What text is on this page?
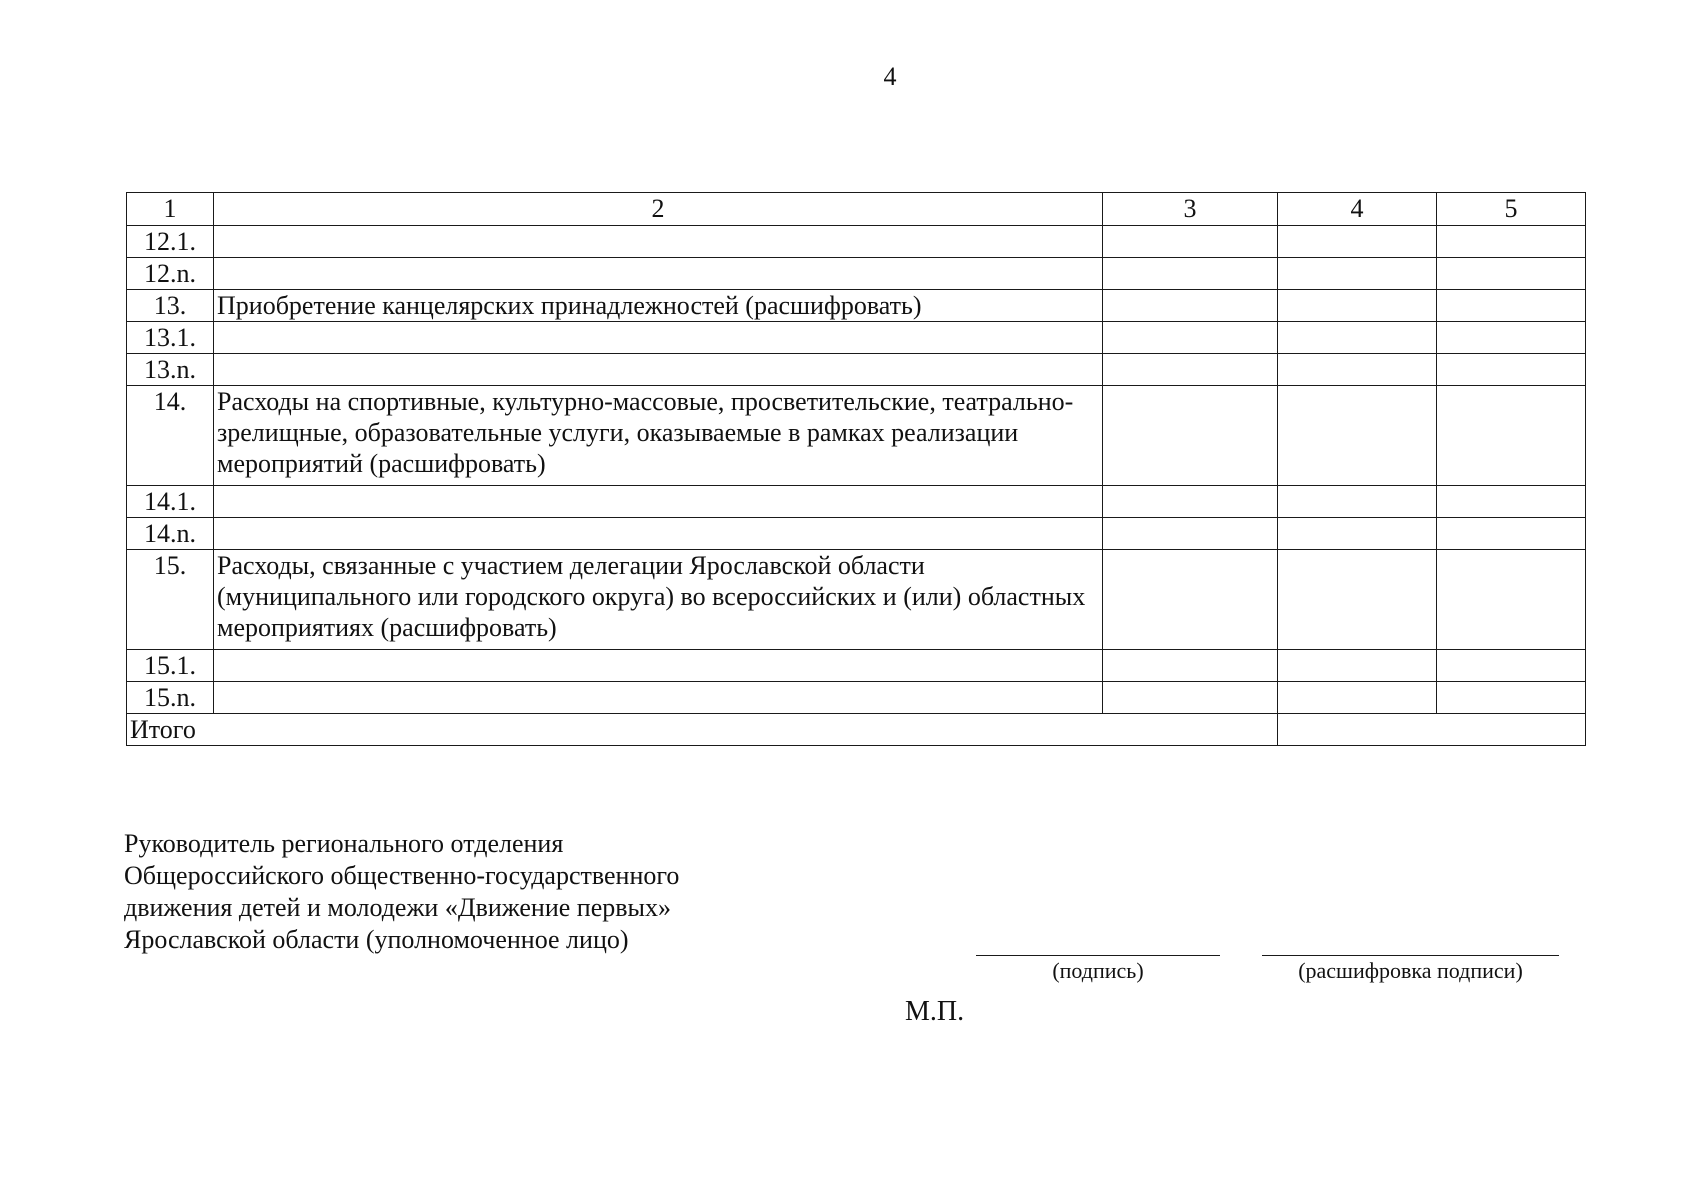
4
1	2	3	4	5
12.1.				
12.n.				
13.	Приобретение канцелярских принадлежностей (расшифровать)			
13.1.				
13.n.				
14.	Расходы на спортивные, культурно-массовые, просветительские, театрально-зрелищные, образовательные услуги, оказываемые в рамках реализации мероприятий (расшифровать)			
14.1.				
14.n.				
15.	Расходы, связанные с участием делегации Ярославской области (муниципального или городского округа) во всероссийских и (или) областных мероприятиях (расшифровать)			
15.1.				
15.n.				
Итого				
Руководитель регионального отделения
Общероссийского общественно-государственного
движения детей и молодежи «Движение первых»
Ярославской области (уполномоченное лицо)
(подпись)	(расшифровка подписи)
М.П.
